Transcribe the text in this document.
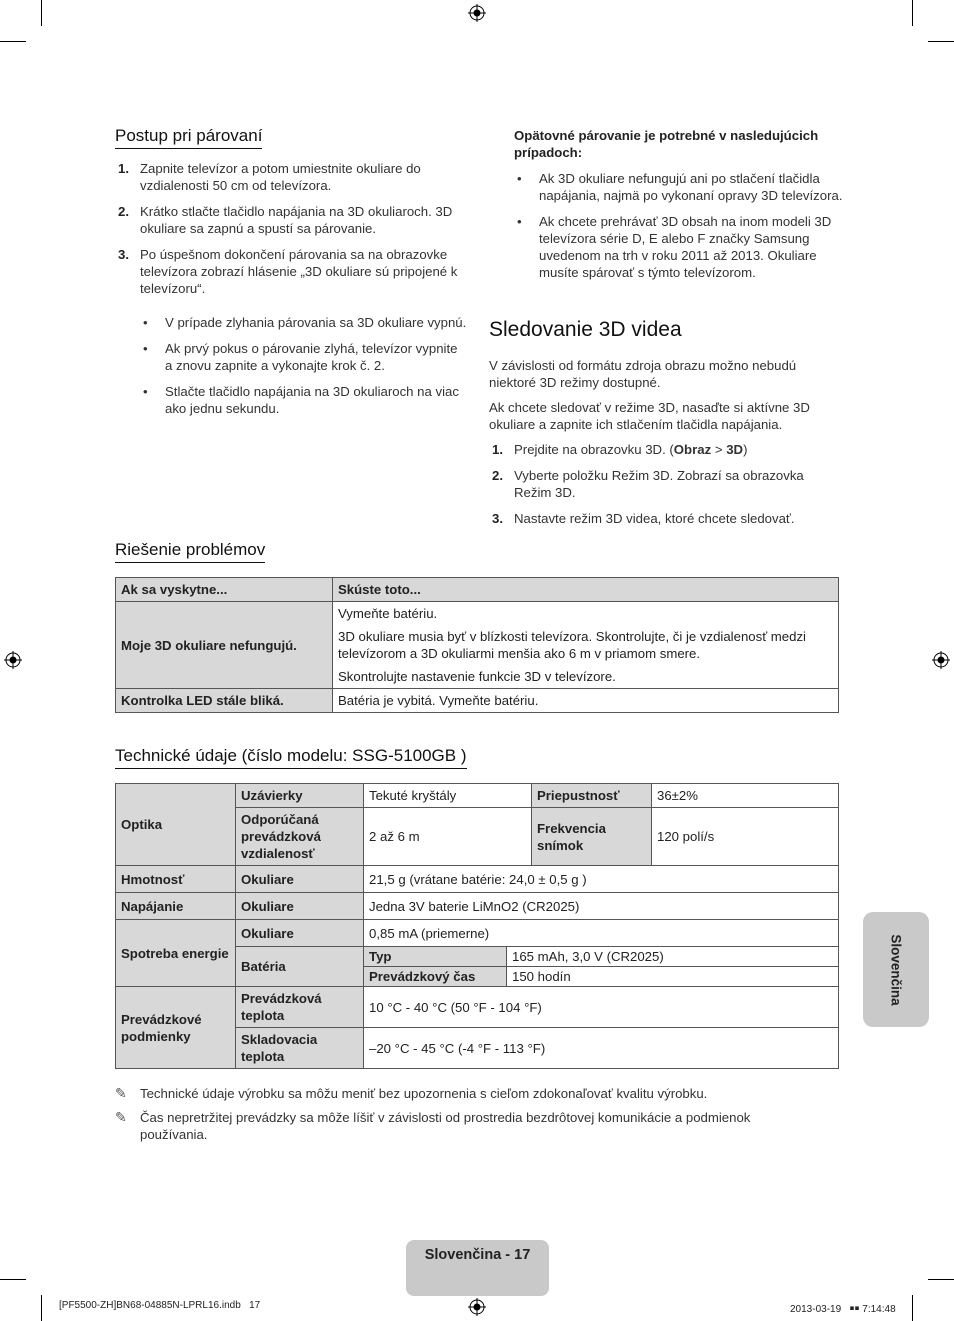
Postup pri párovaní
1. Zapnite televízor a potom umiestnite okuliare do vzdialenosti 50 cm od televízora.
2. Krátko stlačte tlačidlo napájania na 3D okuliaroch. 3D okuliare sa zapnú a spustí sa párovanie.
3. Po úspešnom dokončení párovania sa na obrazovke televízora zobrazí hlásenie „3D okuliare sú pripojené k televízoru“.
• V prípade zlyhania párovania sa 3D okuliare vypnú.
• Ak prvý pokus o párovanie zlyhá, televízor vypnite a znovu zapnite a vykonajte krok č. 2.
• Stlačte tlačidlo napájania na 3D okuliaroch na viac ako jednu sekundu.

Opätovné párovanie je potrebné v nasledujúcich prípadoch:

• Ak 3D okuliare nefungujú ani po stlačení tlačidla napájania, najmä po vykonaní opravy 3D televízora.
• Ak chcete prehrávať 3D obsah na inom modeli 3D televízora série D, E alebo F značky Samsung uvedenom na trh v roku 2011 až 2013. Okuliare musíte spárovať s týmto televízorom.
Sledovanie 3D videa

V závislosti od formátu zdroja obrazu možno nebudú niektoré 3D režimy dostupné.

Ak chcete sledovať v režime 3D, nasaďte si aktívne 3D okuliare a zapnite ich stlačením tlačidla napájania.

1. Prejdite na obrazovku 3D. (Obraz > 3D)
2. Vyberte položku Režim 3D. Zobrazí sa obrazovka Režim 3D.
3. Nastavte režim 3D videa, ktoré chcete sledovať.
Riešenie problémov
Ak sa vyskytne...	Skúste toto...
Moje 3D okuliare nefungujú.	Vymeňte batériu.
	3D okuliare musia byť v blízkosti televízora. Skontrolujte, či je vzdialenosť medzi televízorom a 3D okuliarmi menšia ako 6 m v priamom smere.
	Skontrolujte nastavenie funkcie 3D v televízore.
Kontrolka LED stále bliká.	Batéria je vybitá. Vymeňte batériu.
Technické údaje (číslo modelu: SSG-5100GB )
Optika	Uzávierky	Tekuté kryštály		Priepustnosť	36±2%
	Odporúčaná prevádzková vzdialenosť	2 až 6 m		Frekvencia snímok	120 polí/s
Hmotnosť	Okuliare	21,5 g (vrátane batérie: 24,0 ± 0,5 g )			
Napájanie	Okuliare	Jedna 3V baterie LiMnO2 (CR2025)			
Spotreba energie	Okuliare	0,85 mA (priemerne)			
	Batéria	Typ	165 mAh, 3,0 V (CR2025)		
		Prevádzkový čas	150 hodín		
Prevádzkové podmienky	Prevádzková teplota	10 °C - 40 °C (50 °F - 104 °F)			
	Skladovacia teplota	–20 °C - 45 °C (-4 °F - 113 °F)			
✎	Technické údaje výrobku sa môžu meniť bez upozornenia s cieľom zdokonaľovať kvalitu výrobku.
✎	Čas nepretržitej prevádzky sa môže líšiť v závislosti od prostredia bezdrôtovej komunikácie a podmienok používania.
Slovenčina
Slovenčina - 17
[PF5500-ZH]BN68-04885N-LPRL16.indb   17	2013-03-19   ￭￭ 7:14:48
